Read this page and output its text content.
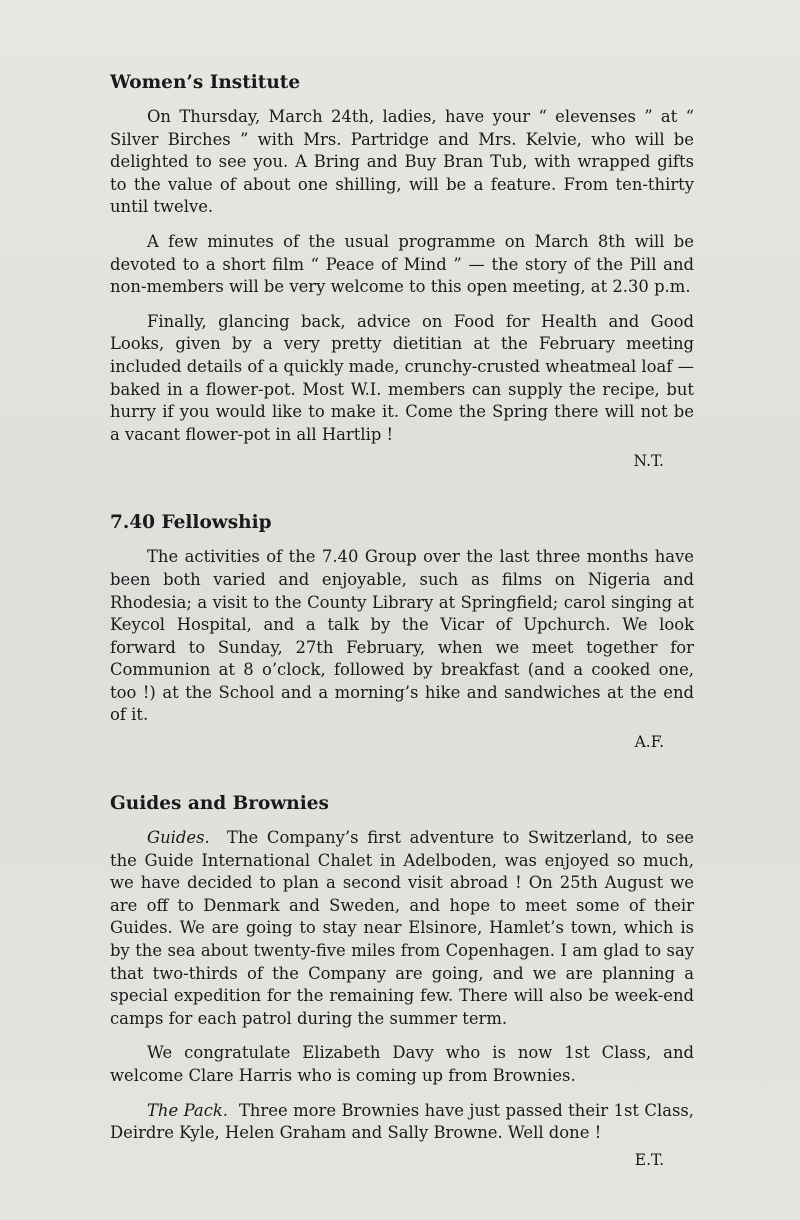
Women’s Institute

On Thursday, March 24th, ladies, have your “ elevenses ” at “ Silver Birches ” with Mrs. Partridge and Mrs. Kelvie, who will be delighted to see you. A Bring and Buy Bran Tub, with wrapped gifts to the value of about one shilling, will be a feature. From ten-thirty until twelve.

A few minutes of the usual programme on March 8th will be devoted to a short film “ Peace of Mind ” — the story of the Pill and non-members will be very welcome to this open meeting, at 2.30 p.m.

Finally, glancing back, advice on Food for Health and Good Looks, given by a very pretty dietitian at the February meeting included details of a quickly made, crunchy-crusted wheatmeal loaf — baked in a flower-pot. Most W.I. members can supply the recipe, but hurry if you would like to make it. Come the Spring there will not be a vacant flower-pot in all Hartlip !

N.T.
7.40 Fellowship

The activities of the 7.40 Group over the last three months have been both varied and enjoyable, such as films on Nigeria and Rhodesia; a visit to the County Library at Springfield; carol singing at Keycol Hospital, and a talk by the Vicar of Upchurch. We look forward to Sunday, 27th February, when we meet together for Communion at 8 o’clock, followed by breakfast (and a cooked one, too !) at the School and a morning’s hike and sandwiches at the end of it.

A.F.
Guides and Brownies

Guides. The Company’s first adventure to Switzerland, to see the Guide International Chalet in Adelboden, was enjoyed so much, we have decided to plan a second visit abroad ! On 25th August we are off to Denmark and Sweden, and hope to meet some of their Guides. We are going to stay near Elsinore, Hamlet’s town, which is by the sea about twenty-five miles from Copenhagen. I am glad to say that two-thirds of the Company are going, and we are planning a special expedition for the remaining few. There will also be week-end camps for each patrol during the summer term.

We congratulate Elizabeth Davy who is now 1st Class, and welcome Clare Harris who is coming up from Brownies.

The Pack. Three more Brownies have just passed their 1st Class, Deirdre Kyle, Helen Graham and Sally Browne. Well done !

E.T.
